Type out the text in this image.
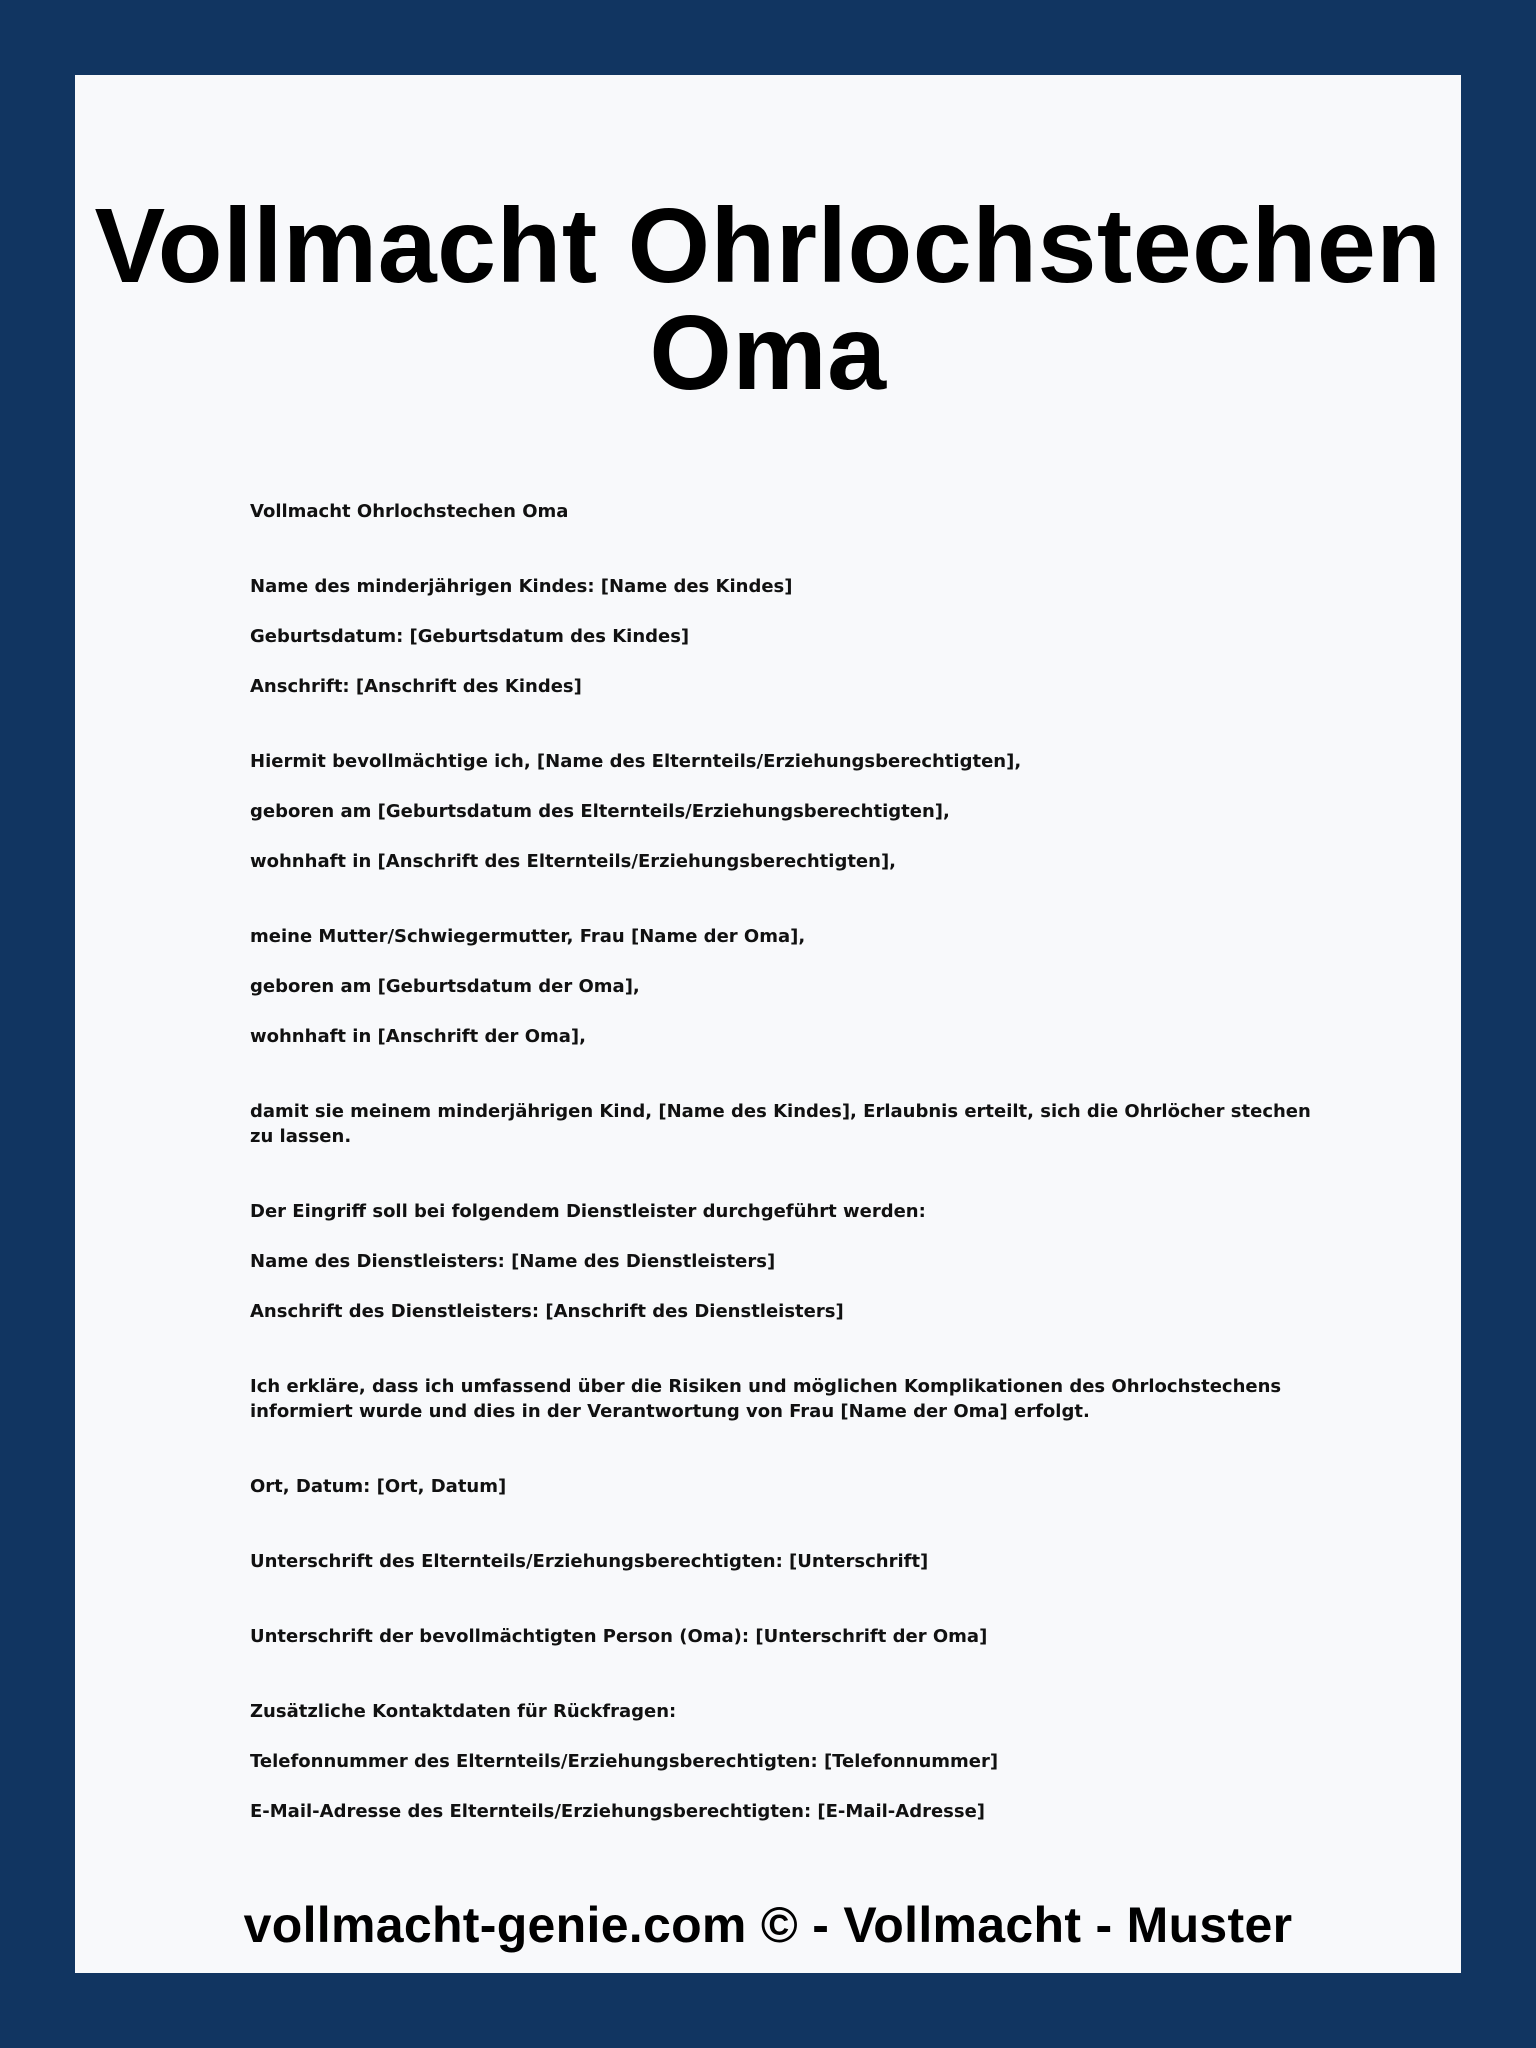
Vollmacht Ohrlochstechen Oma

Vollmacht Ohrlochstechen Oma

Name des minderjährigen Kindes: [Name des Kindes]

Geburtsdatum: [Geburtsdatum des Kindes]

Anschrift: [Anschrift des Kindes]

Hiermit bevollmächtige ich, [Name des Elternteils/Erziehungsberechtigten],

geboren am [Geburtsdatum des Elternteils/Erziehungsberechtigten],

wohnhaft in [Anschrift des Elternteils/Erziehungsberechtigten],

meine Mutter/Schwiegermutter, Frau [Name der Oma],

geboren am [Geburtsdatum der Oma],

wohnhaft in [Anschrift der Oma],

damit sie meinem minderjährigen Kind, [Name des Kindes], Erlaubnis erteilt, sich die Ohrlöcher stechen zu lassen.

Der Eingriff soll bei folgendem Dienstleister durchgeführt werden:

Name des Dienstleisters: [Name des Dienstleisters]

Anschrift des Dienstleisters: [Anschrift des Dienstleisters]

Ich erkläre, dass ich umfassend über die Risiken und möglichen Komplikationen des Ohrlochstechens informiert wurde und dies in der Verantwortung von Frau [Name der Oma] erfolgt.

Ort, Datum: [Ort, Datum]

Unterschrift des Elternteils/Erziehungsberechtigten: [Unterschrift]

Unterschrift der bevollmächtigten Person (Oma): [Unterschrift der Oma]

Zusätzliche Kontaktdaten für Rückfragen:

Telefonnummer des Elternteils/Erziehungsberechtigten: [Telefonnummer]

E-Mail-Adresse des Elternteils/Erziehungsberechtigten: [E-Mail-Adresse]

vollmacht-genie.com © - Vollmacht - Muster
